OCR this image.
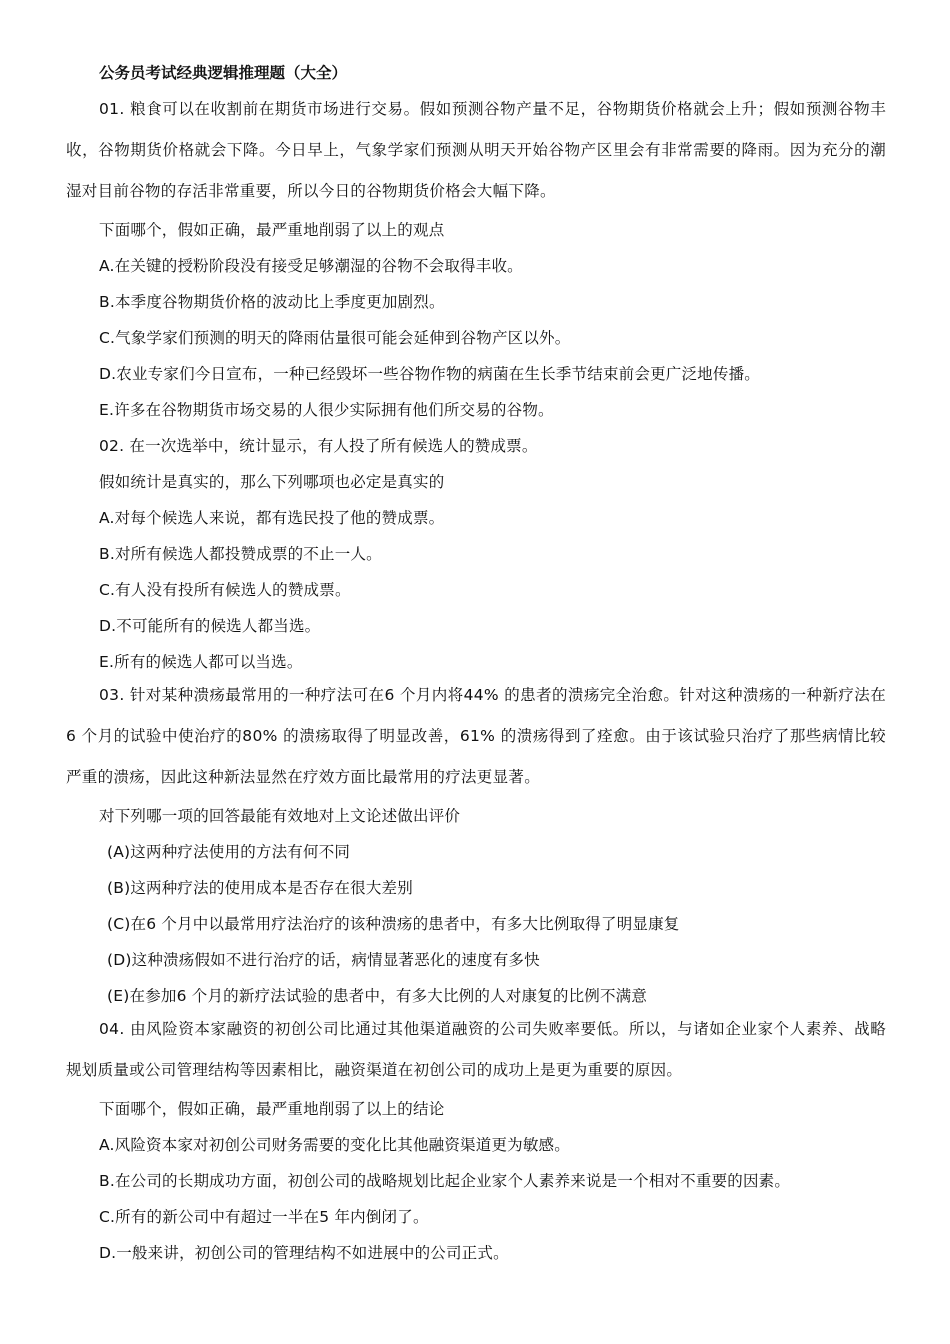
公务员考试经典逻辑推理题（大全）
01. 粮食可以在收割前在期货市场进行交易。假如预测谷物产量不足，谷物期货价格就会上升；假如预测谷物丰收，谷物期货价格就会下降。今日早上，气象学家们预测从明天开始谷物产区里会有非常需要的降雨。因为充分的潮湿对目前谷物的存活非常重要，所以今日的谷物期货价格会大幅下降。
下面哪个，假如正确，最严重地削弱了以上的观点
A.在关键的授粉阶段没有接受足够潮湿的谷物不会取得丰收。
B.本季度谷物期货价格的波动比上季度更加剧烈。
C.气象学家们预测的明天的降雨估量很可能会延伸到谷物产区以外。
D.农业专家们今日宣布，一种已经毁坏一些谷物作物的病菌在生长季节结束前会更广泛地传播。
E.许多在谷物期货市场交易的人很少实际拥有他们所交易的谷物。
02. 在一次选举中，统计显示，有人投了所有候选人的赞成票。
假如统计是真实的，那么下列哪项也必定是真实的
A.对每个候选人来说，都有选民投了他的赞成票。
B.对所有候选人都投赞成票的不止一人。
C.有人没有投所有候选人的赞成票。
D.不可能所有的候选人都当选。
E.所有的候选人都可以当选。
03. 针对某种溃疡最常用的一种疗法可在6 个月内将44% 的患者的溃疡完全治愈。针对这种溃疡的一种新疗法在6 个月的试验中使治疗的80% 的溃疡取得了明显改善，61% 的溃疡得到了痊愈。由于该试验只治疗了那些病情比较严重的溃疡，因此这种新法显然在疗效方面比最常用的疗法更显著。
对下列哪一项的回答最能有效地对上文论述做出评价
(A)这两种疗法使用的方法有何不同
(B)这两种疗法的使用成本是否存在很大差别
(C)在6 个月中以最常用疗法治疗的该种溃疡的患者中，有多大比例取得了明显康复
(D)这种溃疡假如不进行治疗的话，病情显著恶化的速度有多快
(E)在参加6 个月的新疗法试验的患者中，有多大比例的人对康复的比例不满意
04. 由风险资本家融资的初创公司比通过其他渠道融资的公司失败率要低。所以，与诸如企业家个人素养、战略规划质量或公司管理结构等因素相比，融资渠道在初创公司的成功上是更为重要的原因。
下面哪个，假如正确，最严重地削弱了以上的结论
A.风险资本家对初创公司财务需要的变化比其他融资渠道更为敏感。
B.在公司的长期成功方面，初创公司的战略规划比起企业家个人素养来说是一个相对不重要的因素。
C.所有的新公司中有超过一半在5 年内倒闭了。
D.一般来讲，初创公司的管理结构不如进展中的公司正式。
